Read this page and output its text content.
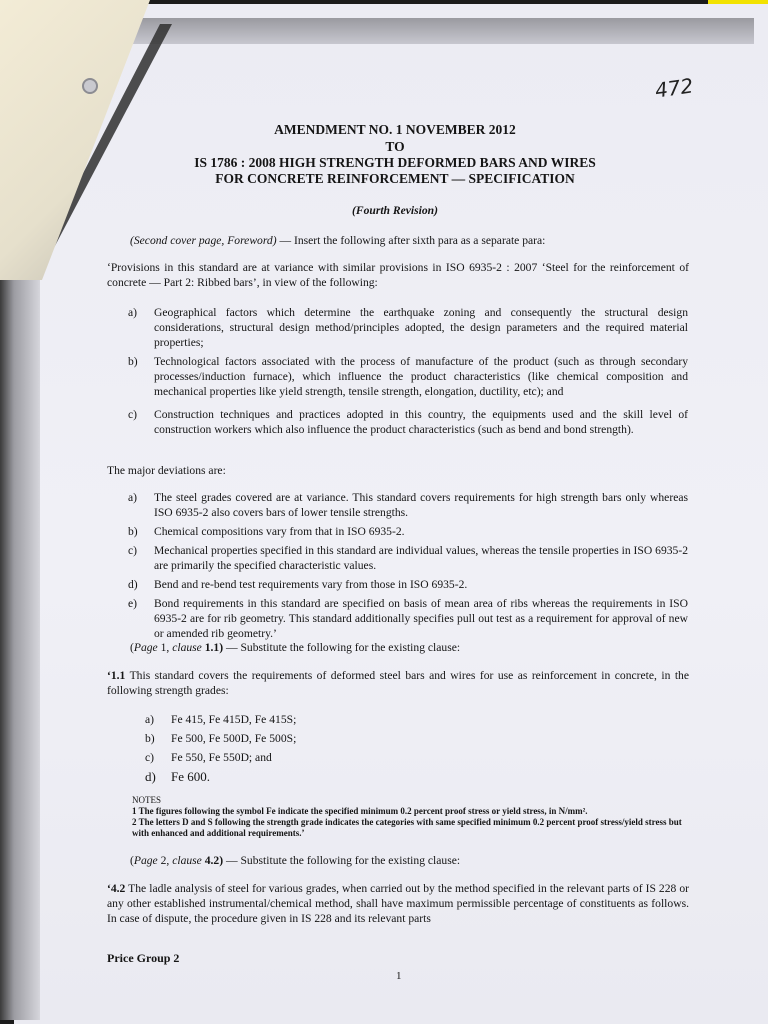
472
AMENDMENT NO. 1 NOVEMBER 2012
TO
IS 1786 : 2008 HIGH STRENGTH DEFORMED BARS AND WIRES
FOR CONCRETE REINFORCEMENT — SPECIFICATION
(Fourth Revision)
(Second cover page, Foreword) — Insert the following after sixth para as a separate para:
‘Provisions in this standard are at variance with similar provisions in ISO 6935-2 : 2007 ‘Steel for the reinforcement of concrete — Part 2: Ribbed bars’, in view of the following:
a) Geographical factors which determine the earthquake zoning and consequently the structural design considerations, structural design method/principles adopted, the design parameters and the required material properties;
b) Technological factors associated with the process of manufacture of the product (such as through secondary processes/induction furnace), which influence the product characteristics (like chemical composition and mechanical properties like yield strength, tensile strength, elongation, ductility, etc); and
c) Construction techniques and practices adopted in this country, the equipments used and the skill level of construction workers which also influence the product characteristics (such as bend and bond strength).
The major deviations are:
a) The steel grades covered are at variance. This standard covers requirements for high strength bars only whereas ISO 6935-2 also covers bars of lower tensile strengths.
b) Chemical compositions vary from that in ISO 6935-2.
c) Mechanical properties specified in this standard are individual values, whereas the tensile properties in ISO 6935-2 are primarily the specified characteristic values.
d) Bend and re-bend test requirements vary from those in ISO 6935-2.
e) Bond requirements in this standard are specified on basis of mean area of ribs whereas the requirements in ISO 6935-2 are for rib geometry. This standard additionally specifies pull out test as a requirement for approval of new or amended rib geometry.’
(Page 1, clause 1.1) — Substitute the following for the existing clause:
‘1.1 This standard covers the requirements of deformed steel bars and wires for use as reinforcement in concrete, in the following strength grades:
a) Fe 415, Fe 415D, Fe 415S;
b) Fe 500, Fe 500D, Fe 500S;
c) Fe 550, Fe 550D; and
d) Fe 600.
NOTES
1 The figures following the symbol Fe indicate the specified minimum 0.2 percent proof stress or yield stress, in N/mm².
2 The letters D and S following the strength grade indicates the categories with same specified minimum 0.2 percent proof stress/yield stress but with enhanced and additional requirements.’
(Page 2, clause 4.2) — Substitute the following for the existing clause:
‘4.2 The ladle analysis of steel for various grades, when carried out by the method specified in the relevant parts of IS 228 or any other established instrumental/chemical method, shall have maximum permissible percentage of constituents as follows. In case of dispute, the procedure given in IS 228 and its relevant parts
Price Group 2
1
